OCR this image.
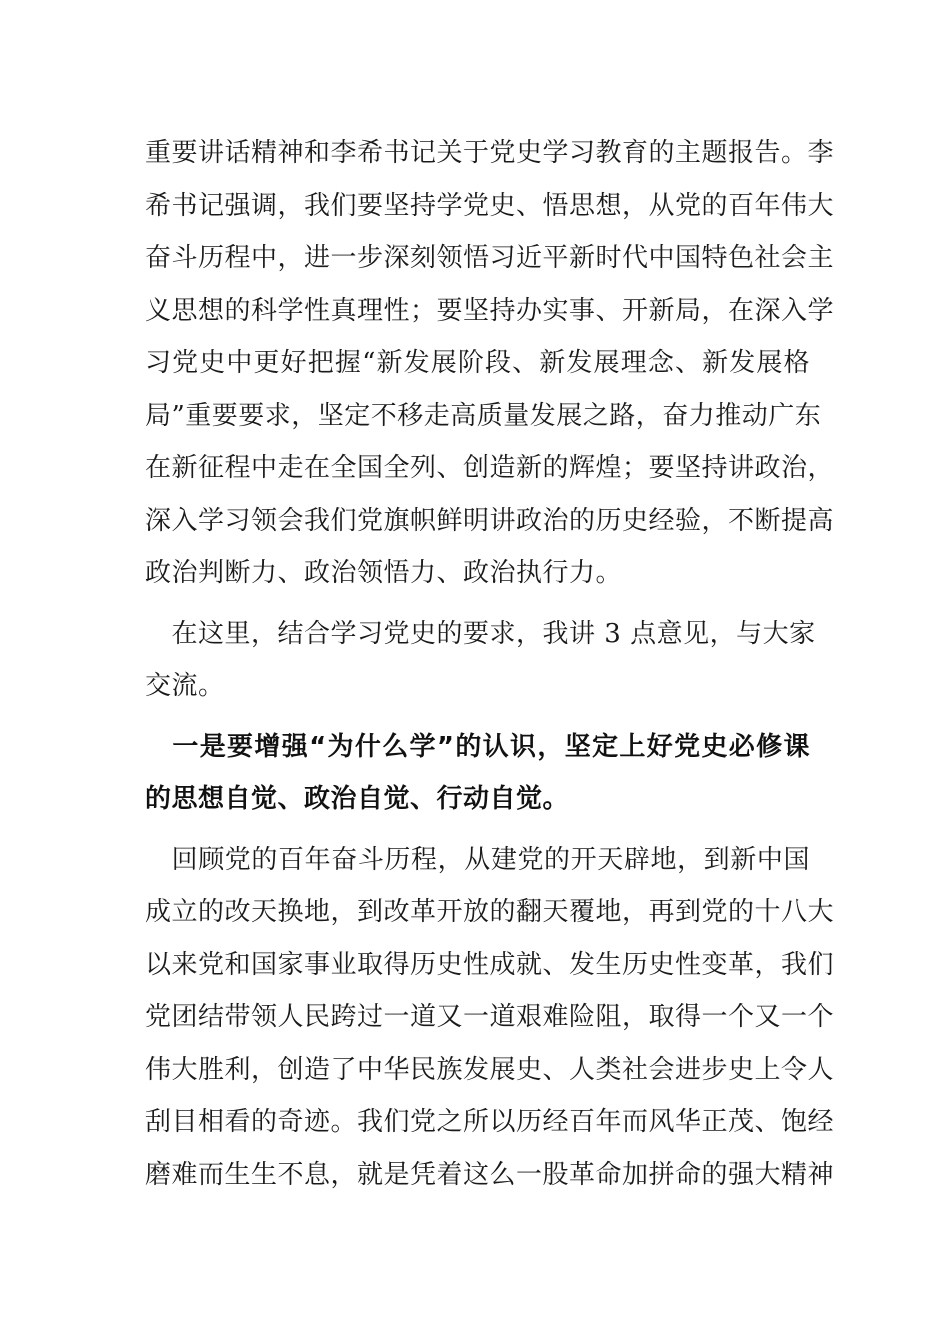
重要讲话精神和李希书记关于党史学习教育的主题报告。李
希书记强调，我们要坚持学党史、悟思想，从党的百年伟大
奋斗历程中，进一步深刻领悟习近平新时代中国特色社会主
义思想的科学性真理性；要坚持办实事、开新局，在深入学
习党史中更好把握“新发展阶段、新发展理念、新发展格
局”重要要求，坚定不移走高质量发展之路，奋力推动广东
在新征程中走在全国全列、创造新的辉煌；要坚持讲政治，
深入学习领会我们党旗帜鲜明讲政治的历史经验，不断提高
政治判断力、政治领悟力、政治执行力。
　在这里，结合学习党史的要求，我讲 3 点意见，与大家
交流。
　一是要增强“为什么学”的认识，坚定上好党史必修课
的思想自觉、政治自觉、行动自觉。
　回顾党的百年奋斗历程，从建党的开天辟地，到新中国
成立的改天换地，到改革开放的翻天覆地，再到党的十八大
以来党和国家事业取得历史性成就、发生历史性变革，我们
党团结带领人民跨过一道又一道艰难险阻，取得一个又一个
伟大胜利，创造了中华民族发展史、人类社会进步史上令人
刮目相看的奇迹。我们党之所以历经百年而风华正茂、饱经
磨难而生生不息，就是凭着这么一股革命加拼命的强大精神
